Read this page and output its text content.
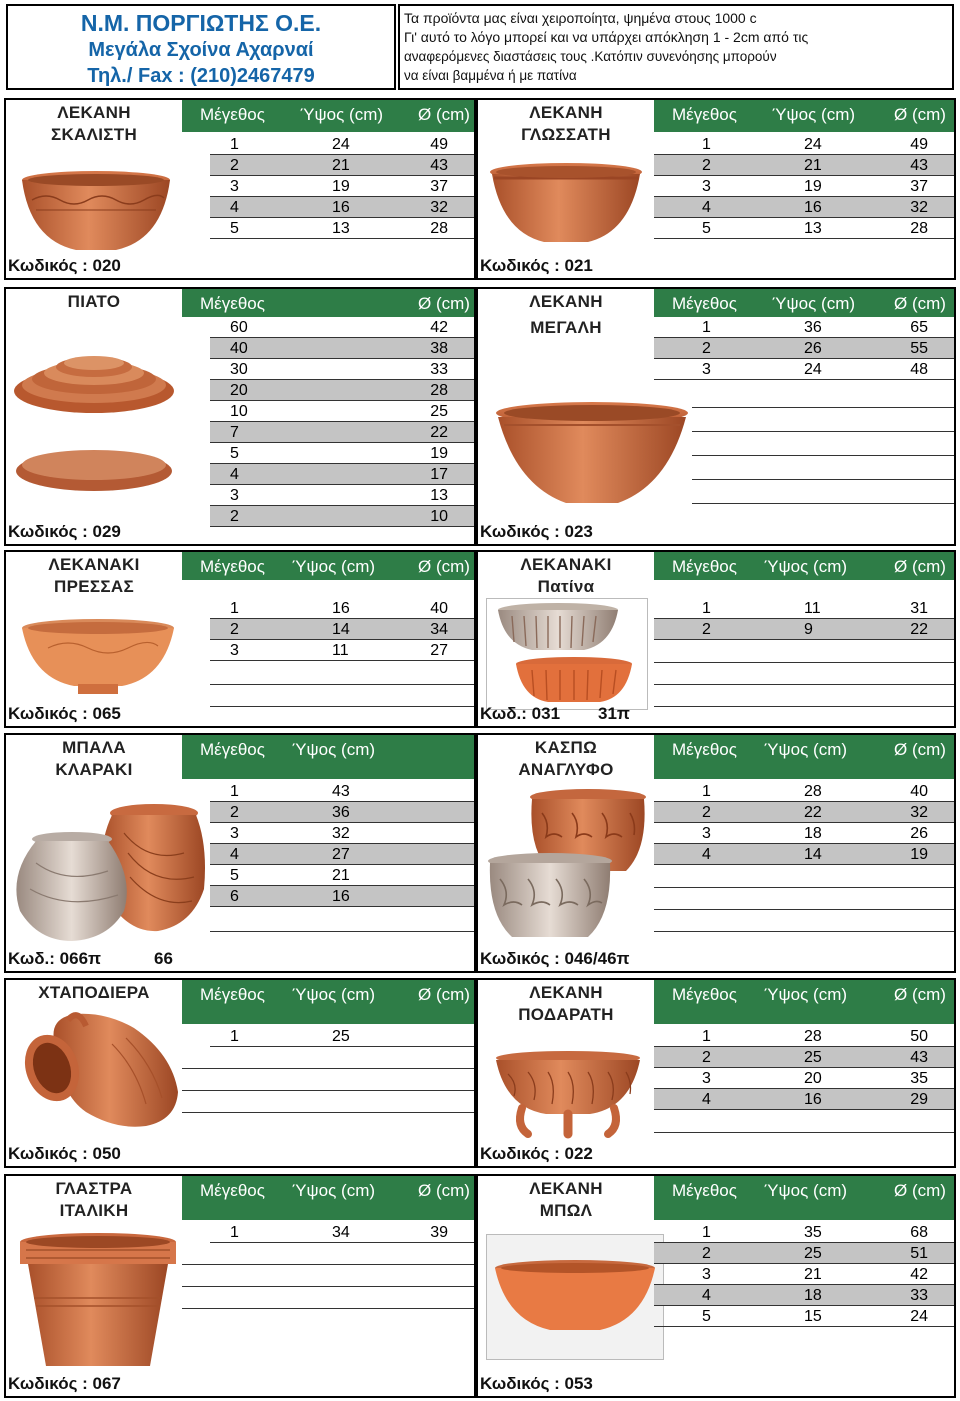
Ν.Μ. ΠΟΡΓΙΩΤΗΣ Ο.Ε.
Μεγάλα Σχοίνα Αχαρναί
Τηλ./ Fax : (210)2467479
Τα προϊόντα μας είναι χειροποίητα, ψημένα στους 1000 c
Γι' αυτό το λόγο μπορεί και να υπάρχει απόκληση 1 - 2cm από τις
αναφερόμενες διαστάσεις τους .Κατόπιν συνενόησης μπορούν
να είναι βαμμένα ή με πατίνα
ΛΕΚΑΝΗ
ΣΚΑΛΙΣΤΗ
Μέγεθος Ύψος (cm) Ø (cm)
1	24	49
2	21	43
3	19	37
4	16	32
5	13	28
Κωδικός : 020
ΛΕΚΑΝΗ
ΓΛΩΣΣΑΤΗ
Μέγεθος Ύψος (cm) Ø (cm)
1	24	49
2	21	43
3	19	37
4	16	32
5	13	28
Κωδικός : 021
ΠΙΑΤΟ	Μέγεθος	Ø (cm)
60	42
40	38
30	33
20	28
10	25
7	22
5	19
4	17
3	13
2	10
Κωδικός : 029
ΛΕΚΑΝΗ
ΜΕΓΑΛΗ
Μέγεθος Ύψος (cm) Ø (cm)
1	36	65
2	26	55
3	24	48
Κωδικός : 023
ΛΕΚΑΝΑΚΙ
ΠΡΕΣΣΑΣ
Μέγεθος Ύψος (cm)	Ø (cm)
1	16	40
2	14	34
3	11	27
Κωδικός : 065
ΛΕΚΑΝΑΚΙ
Πατίνα
Μέγεθος Ύψος (cm)	Ø (cm)
1	11	31
2	9	22
Κωδ.: 031 31π
ΜΠΑΛΑ
ΚΛΑΡΑΚΙ
Μέγεθος Ύψος (cm)
1	43
2	36
3	32
4	27
5	21
6	16
Κωδ.: 066π	66
ΚΑΣΠΩ
ΑΝΑΓΛΥΦΟ
Μέγεθος Ύψος (cm)	Ø (cm)
1	28	40
2	22	32
3	18	26
4	14	19
Κωδικός : 046/46π
ΧΤΑΠΟΔΙΕΡΑ	Μέγεθος Ύψος (cm)	Ø (cm)
1	25
Κωδικός : 050
ΛΕΚΑΝΗ
ΠΟΔΑΡΑΤΗ
Μέγεθος Ύψος (cm)	Ø (cm)
1	28	50
2	25	43
3	20	35
4	16	29
Κωδικός : 022
ΓΛΑΣΤΡΑ
ΙΤΑΛΙΚΗ
Μέγεθος Ύψος (cm)	Ø (cm)
1	34	39
Κωδικός : 067
ΛΕΚΑΝΗ
ΜΠΩΛ
Μέγεθος Ύψος (cm)	Ø (cm)
1	35	68
2	25	51
3	21	42
4	18	33
5	15	24
Κωδικός : 053
